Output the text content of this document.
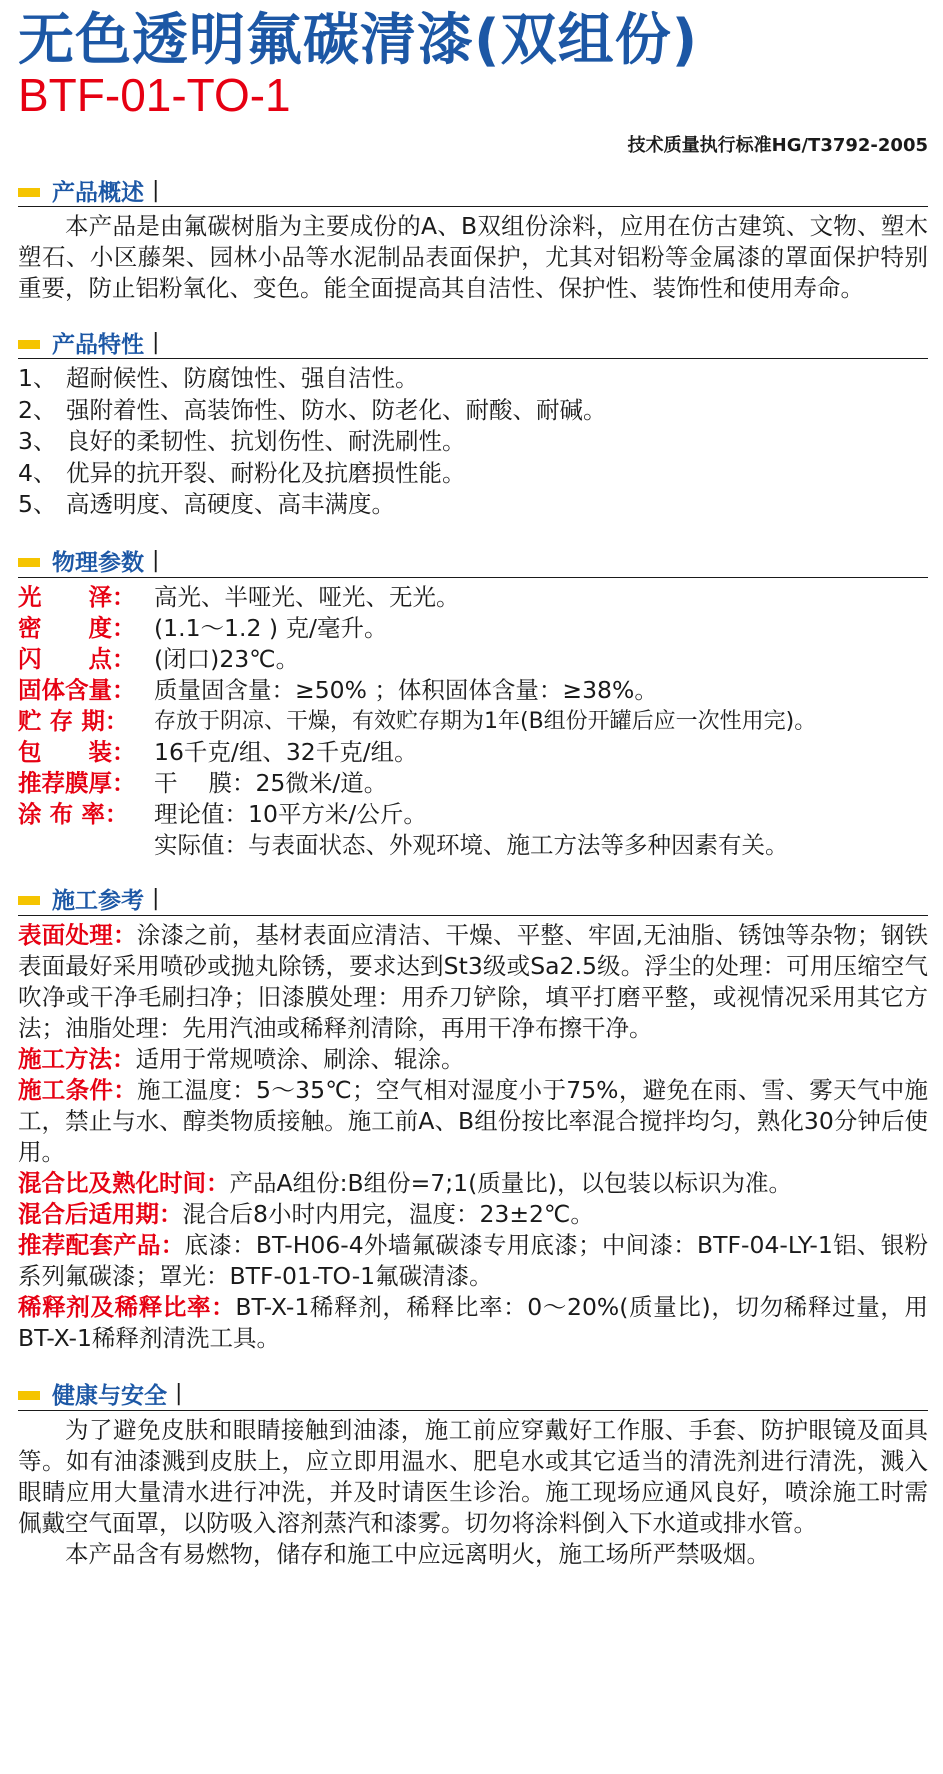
无色透明氟碳清漆(双组份)
BTF-01-TO-1
技术质量执行标准HG/T3792-2005
产品概述 |

本产品是由氟碳树脂为主要成份的A、B双组份涂料，应用在仿古建筑、文物、塑木塑石、小区藤架、园林小品等水泥制品表面保护，尤其对铝粉等金属漆的罩面保护特别重要，防止铝粉氧化、变色。能全面提高其自洁性、保护性、装饰性和使用寿命。

产品特性 |
1、 超耐候性、防腐蚀性、强自洁性。
2、 强附着性、高装饰性、防水、防老化、耐酸、耐碱。
3、 良好的柔韧性、抗划伤性、耐洗刷性。
4、 优异的抗开裂、耐粉化及抗磨损性能。
5、 高透明度、高硬度、高丰满度。
物理参数 |
光　　泽： 高光、半哑光、哑光、无光。
密　　度： (1.1～1.2 ) 克/毫升。
闪　　点： (闭口)23℃。
固体含量： 质量固含量：≥50% ；体积固体含量：≥38%。
贮 存 期：	存放于阴凉、干燥，有效贮存期为1年(B组份开罐后应一次性用完)。
包　　装： 16千克/组、32千克/组。
推荐膜厚： 干　 膜：25微米/道。
涂 布 率：	理论值：10平方米/公斤。
实际值：与表面状态、外观环境、施工方法等多种因素有关。
施工参考 |

表面处理：涂漆之前，基材表面应清洁、干燥、平整、牢固,无油脂、锈蚀等杂物；钢铁表面最好采用喷砂或抛丸除锈，要求达到St3级或Sa2.5级。浮尘的处理：可用压缩空气吹净或干净毛刷扫净；旧漆膜处理：用乔刀铲除，填平打磨平整，或视情况采用其它方法；油脂处理：先用汽油或稀释剂清除，再用干净布擦干净。

施工方法：适用于常规喷涂、刷涂、辊涂。

施工条件：施工温度：5～35℃；空气相对湿度小于75%，避免在雨、雪、雾天气中施工，禁止与水、醇类物质接触。施工前A、B组份按比率混合搅拌均匀，熟化30分钟后使用。

混合比及熟化时间：产品A组份:B组份=7;1(质量比)，以包装以标识为准。

混合后适用期：混合后8小时内用完，温度：23±2℃。

推荐配套产品：底漆：BT-H06-4外墙氟碳漆专用底漆；中间漆：BTF-04-LY-1铝、银粉系列氟碳漆；罩光：BTF-01-TO-1氟碳清漆。

稀释剂及稀释比率：BT-X-1稀释剂，稀释比率：0～20%(质量比)，切勿稀释过量，用BT-X-1稀释剂清洗工具。

健康与安全 |

为了避免皮肤和眼睛接触到油漆，施工前应穿戴好工作服、手套、防护眼镜及面具等。如有油漆溅到皮肤上，应立即用温水、肥皂水或其它适当的清洗剂进行清洗，溅入眼睛应用大量清水进行冲洗，并及时请医生诊治。施工现场应通风良好，喷涂施工时需佩戴空气面罩，以防吸入溶剂蒸汽和漆雾。切勿将涂料倒入下水道或排水管。

本产品含有易燃物，储存和施工中应远离明火，施工场所严禁吸烟。
